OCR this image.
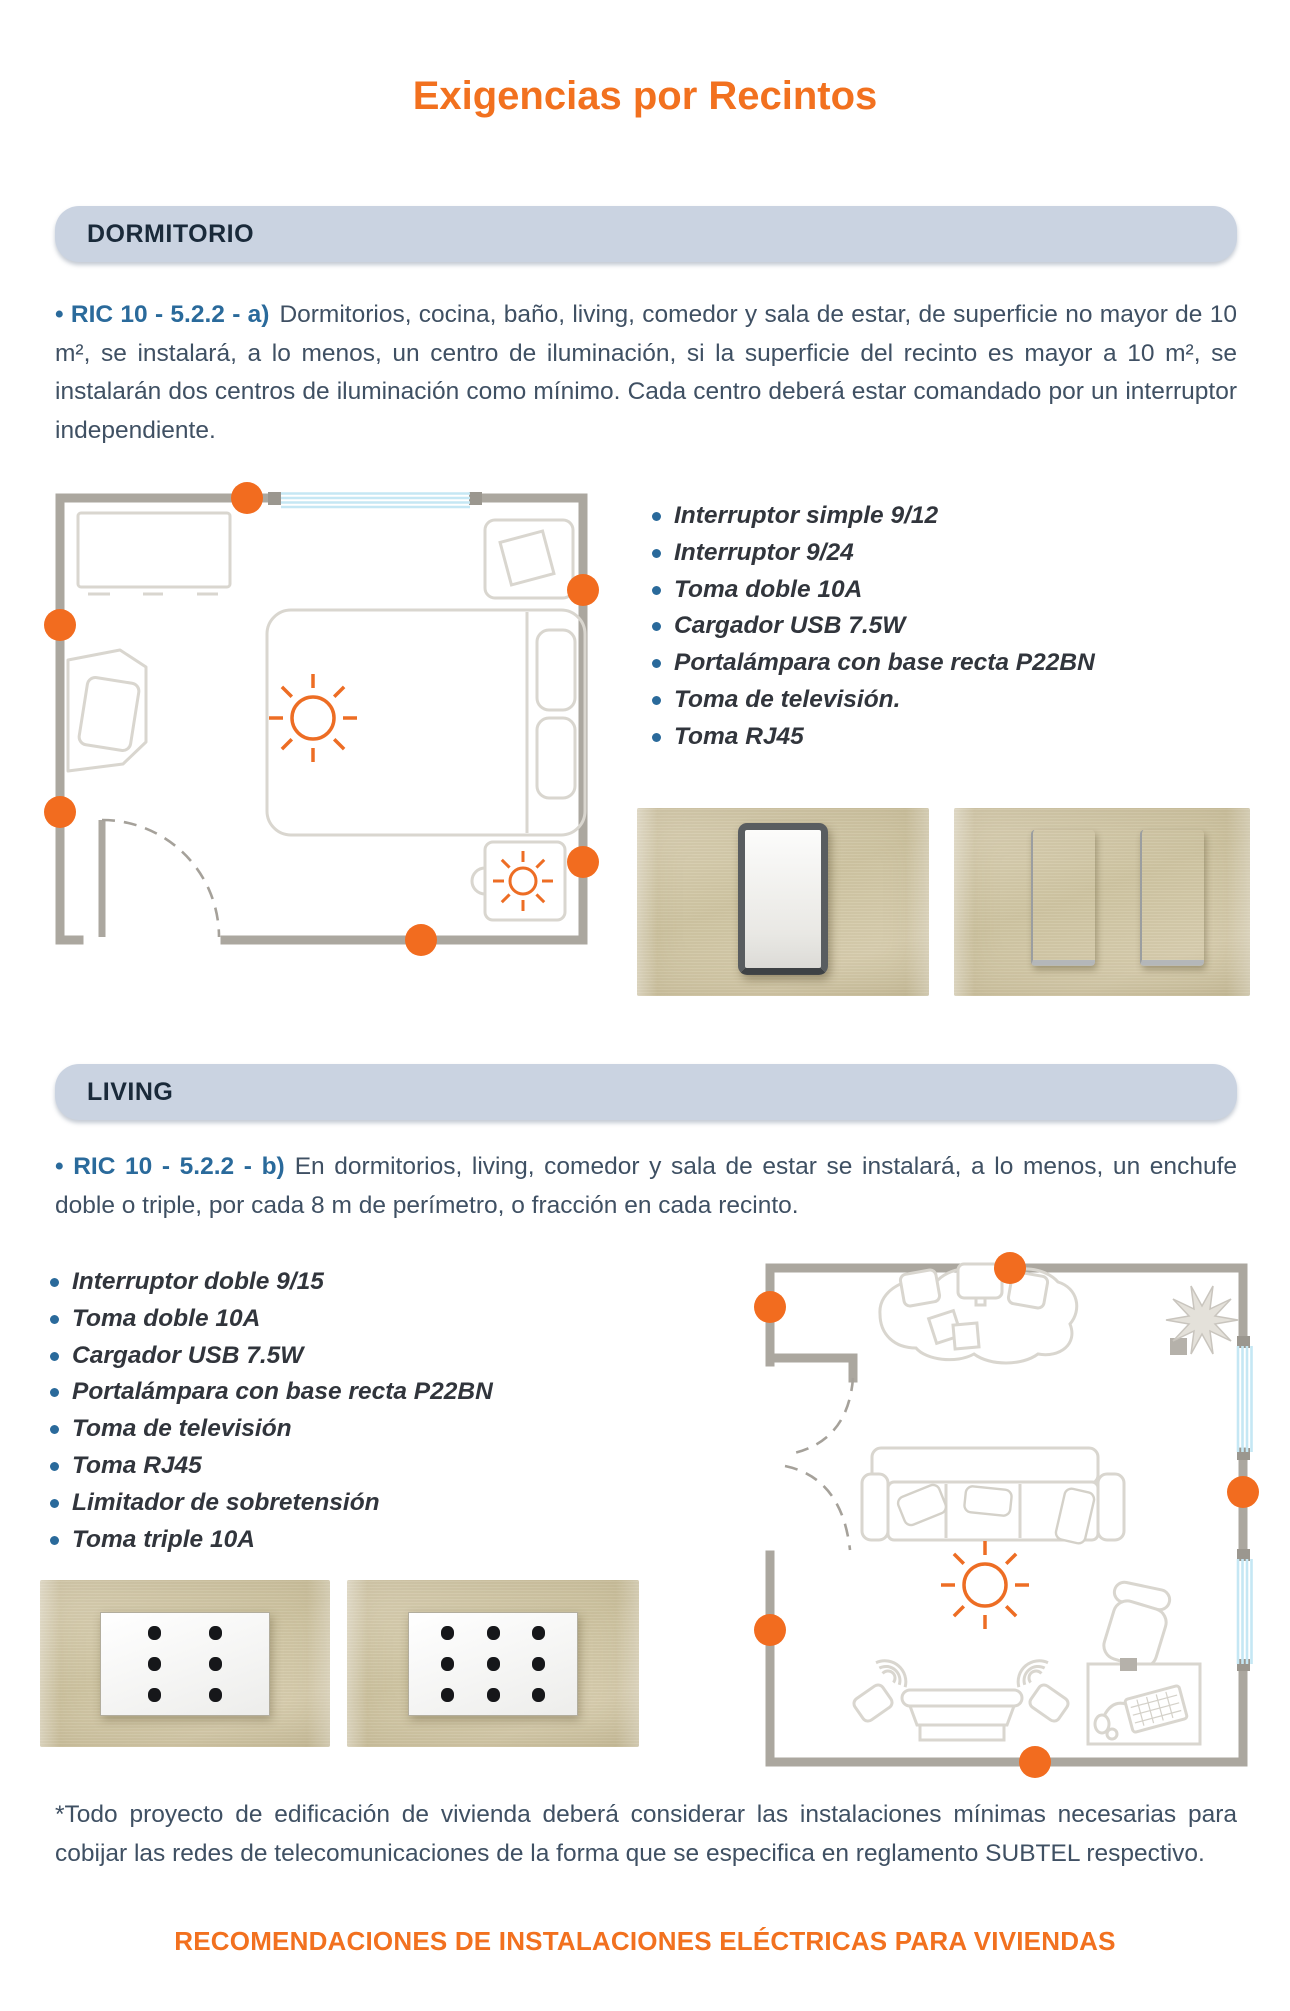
Exigencias por Recintos
DORMITORIO

• RIC 10 - 5.2.2 - a) Dormitorios, cocina, baño, living, comedor y sala de estar, de superficie no mayor de 10 m², se instalará, a lo menos, un centro de iluminación, si la superficie del recinto es mayor a 10 m², se instalarán dos centros de iluminación como mínimo. Cada centro deberá estar comandado por un interruptor independiente.

Interruptor simple 9/12
Interruptor 9/24
Toma doble 10A
Cargador USB 7.5W
Portalámpara con base recta P22BN
Toma de televisión.
Toma RJ45
LIVING

• RIC 10 - 5.2.2 - b) En dormitorios, living, comedor y sala de estar se instalará, a lo menos, un enchufe doble o triple, por cada 8 m de perímetro, o fracción en cada recinto.

Interruptor doble 9/15
Toma doble 10A
Cargador USB 7.5W
Portalámpara con base recta P22BN
Toma de televisión
Toma RJ45
Limitador de sobretensión
Toma triple 10A

*Todo proyecto de edificación de vivienda deberá considerar las instalaciones mínimas necesarias para cobijar las redes de telecomunicaciones de la forma que se especifica en reglamento SUBTEL respectivo.

RECOMENDACIONES DE INSTALACIONES ELÉCTRICAS PARA VIVIENDAS
